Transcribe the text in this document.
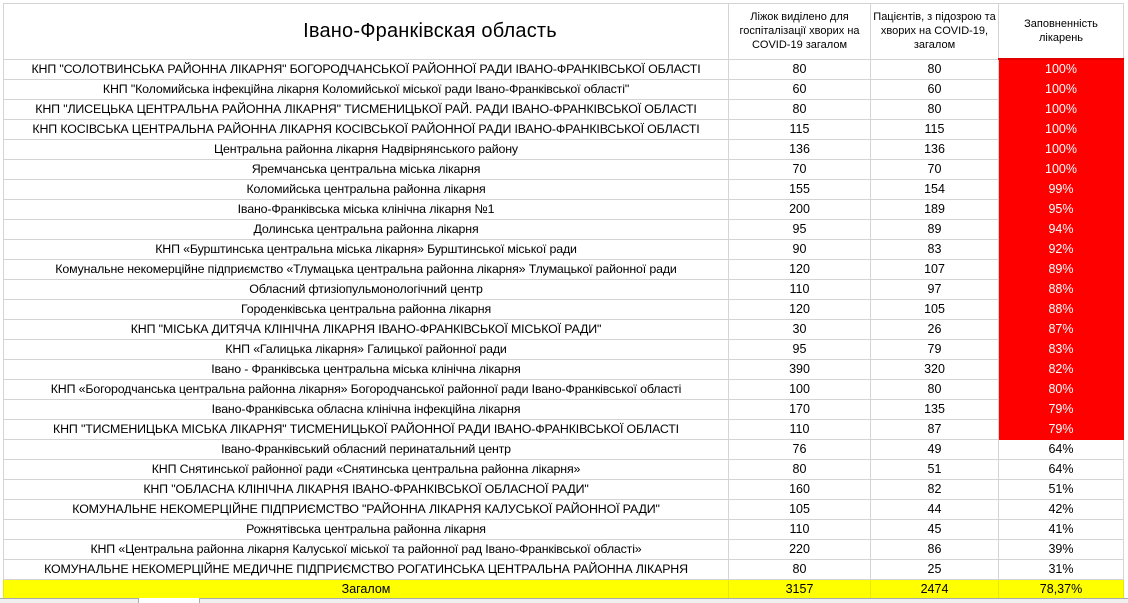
Івано-Франківская область	Ліжок виділено для госпіталізації хворих на COVID-19 загалом	Пацієнтів, з підозрою та хворих на COVID-19, загалом	Заповненність лікарень
КНП "СОЛОТВИНСЬКА РАЙОННА ЛІКАРНЯ" БОГОРОДЧАНСЬКОЇ РАЙОННОЇ РАДИ ІВАНО-ФРАНКІВСЬКОЇ ОБЛАСТІ	80	80	100%
КНП "Коломийська інфекційна лікарня Коломийської міської ради Івано-Франківської області"	60	60	100%
КНП "ЛИСЕЦЬКА ЦЕНТРАЛЬНА РАЙОННА ЛІКАРНЯ" ТИСМЕНИЦЬКОЇ РАЙ. РАДИ ІВАНО-ФРАНКІВСЬКОЇ ОБЛАСТІ	80	80	100%
КНП КОСІВСЬКА ЦЕНТРАЛЬНА РАЙОННА ЛІКАРНЯ КОСІВСЬКОЇ РАЙОННОЇ РАДИ ІВАНО-ФРАНКІВСЬКОЇ ОБЛАСТІ	115	115	100%
Центральна районна лікарня Надвірнянського району	136	136	100%
Яремчанська центральна міська лікарня	70	70	100%
Коломийська центральна районна лікарня	155	154	99%
Івано-Франківська міська клінічна лікарня №1	200	189	95%
Долинська центральна районна лікарня	95	89	94%
КНП «Бурштинська центральна міська лікарня» Бурштинської міської ради	90	83	92%
Комунальне некомерційне підприємство «Тлумацька центральна районна лікарня» Тлумацької районної ради	120	107	89%
Обласний фтизіопульмонологічний центр	110	97	88%
Городенківська центральна районна лікарня	120	105	88%
КНП "МІСЬКА ДИТЯЧА КЛІНІЧНА ЛІКАРНЯ ІВАНО-ФРАНКІВСЬКОЇ МІСЬКОЇ РАДИ"	30	26	87%
КНП «Галицька лікарня» Галицької районної ради	95	79	83%
Івано - Франківська центральна міська клінічна лікарня	390	320	82%
КНП «Богородчанська центральна районна лікарня» Богородчанської районної ради Івано-Франківської області	100	80	80%
Івано-Франківська обласна клінічна інфекційна лікарня	170	135	79%
КНП "ТИСМЕНИЦЬКА МІСЬКА ЛІКАРНЯ" ТИСМЕНИЦЬКОЇ РАЙОННОЇ РАДИ ІВАНО-ФРАНКІВСЬКОЇ ОБЛАСТІ	110	87	79%
Івано-Франківський обласний перинатальний центр	76	49	64%
КНП Снятинської районної ради «Снятинська центральна районна лікарня»	80	51	64%
КНП "ОБЛАСНА КЛІНІЧНА ЛІКАРНЯ ІВАНО-ФРАНКІВСЬКОЇ ОБЛАСНОЇ РАДИ"	160	82	51%
КОМУНАЛЬНЕ НЕКОМЕРЦІЙНЕ ПІДПРИЄМСТВО "РАЙОННА ЛІКАРНЯ КАЛУСЬКОЇ РАЙОННОЇ РАДИ"	105	44	42%
Рожнятівська центральна районна лікарня	110	45	41%
КНП «Центральна районна лікарня Калуської міської та районної рад Івано-Франківської області»	220	86	39%
КОМУНАЛЬНЕ НЕКОМЕРЦІЙНЕ МЕДИЧНЕ ПІДПРИЄМСТВО РОГАТИНСЬКА ЦЕНТРАЛЬНА РАЙОННА ЛІКАРНЯ	80	25	31%
Загалом	3157	2474	78,37%
